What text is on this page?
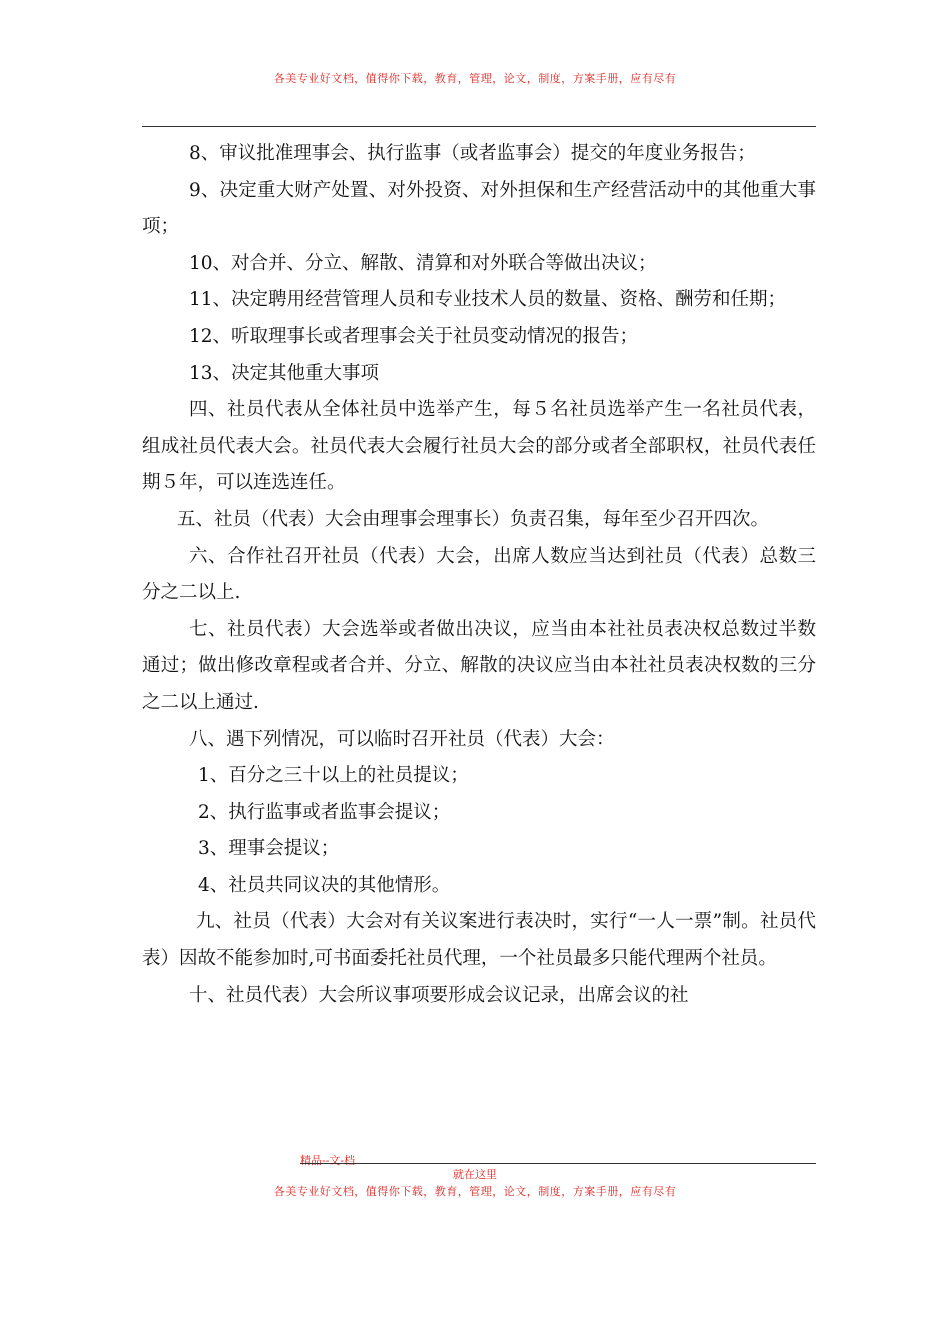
各美专业好文档，值得你下载，教育，管理，论文，制度，方案手册，应有尽有

8、审议批准理事会、执行监事（或者监事会）提交的年度业务报告；

9、决定重大财产处置、对外投资、对外担保和生产经营活动中的其他重大事项；

10、对合并、分立、解散、清算和对外联合等做出决议；

11、决定聘用经营管理人员和专业技术人员的数量、资格、酬劳和任期；

12、听取理事长或者理事会关于社员变动情况的报告；

13、决定其他重大事项

四、社员代表从全体社员中选举产生，每５名社员选举产生一名社员代表，组成社员代表大会。社员代表大会履行社员大会的部分或者全部职权，社员代表任期５年，可以连选连任。

五、社员（代表）大会由理事会理事长）负责召集，每年至少召开四次。

六、合作社召开社员（代表）大会，出席人数应当达到社员（代表）总数三分之二以上.

七、社员代表）大会选举或者做出决议，应当由本社社员表决权总数过半数通过；做出修改章程或者合并、分立、解散的决议应当由本社社员表决权数的三分之二以上通过.

八、遇下列情况，可以临时召开社员（代表）大会：

1、百分之三十以上的社员提议；

2、执行监事或者监事会提议；

3、理事会提议；

4、社员共同议决的其他情形。

九、社员（代表）大会对有关议案进行表决时，实行“一人一票”制。社员代表）因故不能参加时,可书面委托社员代理，一个社员最多只能代理两个社员。

十、社员代表）大会所议事项要形成会议记录，出席会议的社

精品--文-档
就在这里
各美专业好文档，值得你下载，教育，管理，论文，制度，方案手册，应有尽有
